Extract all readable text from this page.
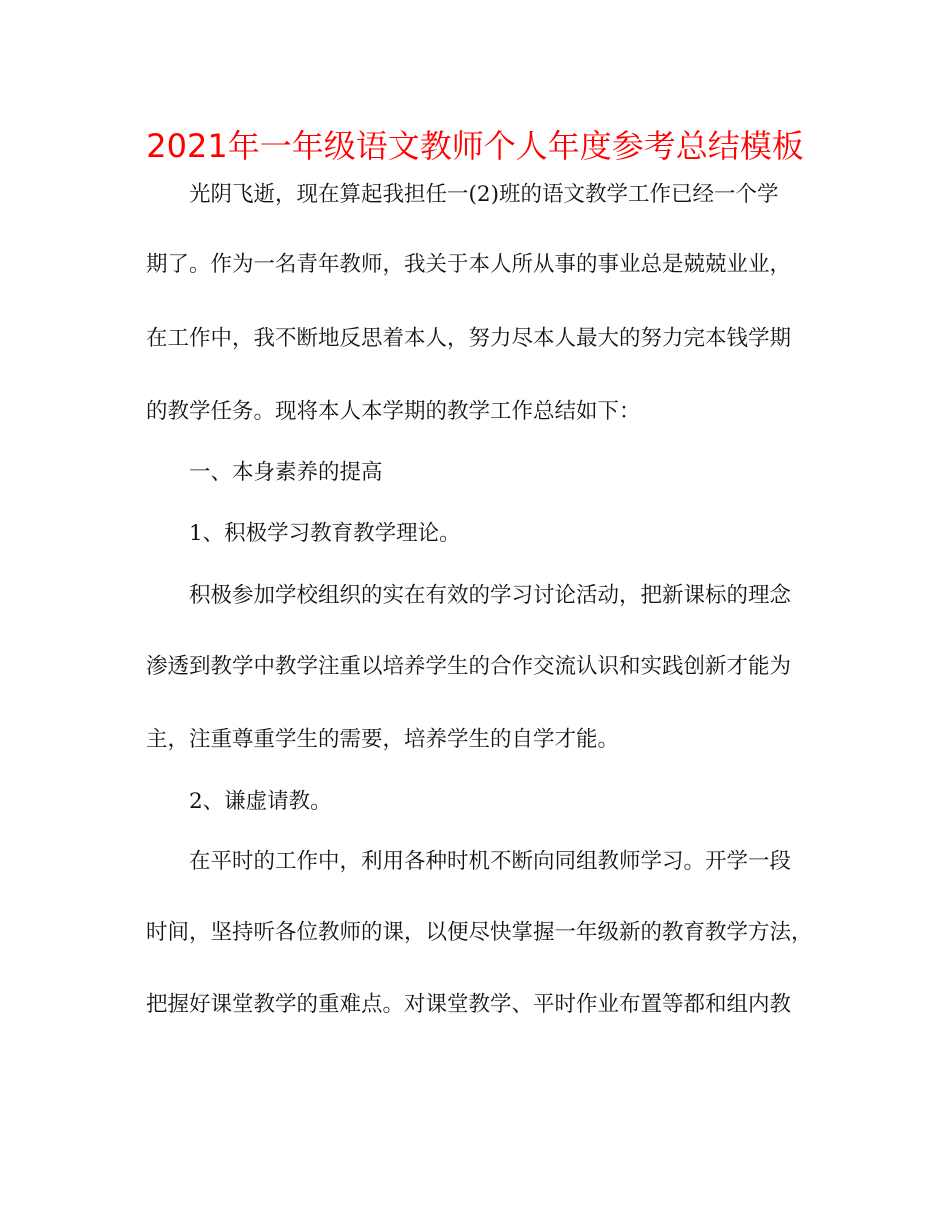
2021年一年级语文教师个人年度参考总结模板
光阴飞逝，现在算起我担任一(2)班的语文教学工作已经一个学
期了。作为一名青年教师，我关于本人所从事的事业总是兢兢业业，
在工作中，我不断地反思着本人，努力尽本人最大的努力完本钱学期
的教学任务。现将本人本学期的教学工作总结如下：
一、本身素养的提高
1、积极学习教育教学理论。
积极参加学校组织的实在有效的学习讨论活动，把新课标的理念
渗透到教学中教学注重以培养学生的合作交流认识和实践创新才能为
主，注重尊重学生的需要，培养学生的自学才能。
2、谦虚请教。
在平时的工作中，利用各种时机不断向同组教师学习。开学一段
时间，坚持听各位教师的课，以便尽快掌握一年级新的教育教学方法，
把握好课堂教学的重难点。对课堂教学、平时作业布置等都和组内教
